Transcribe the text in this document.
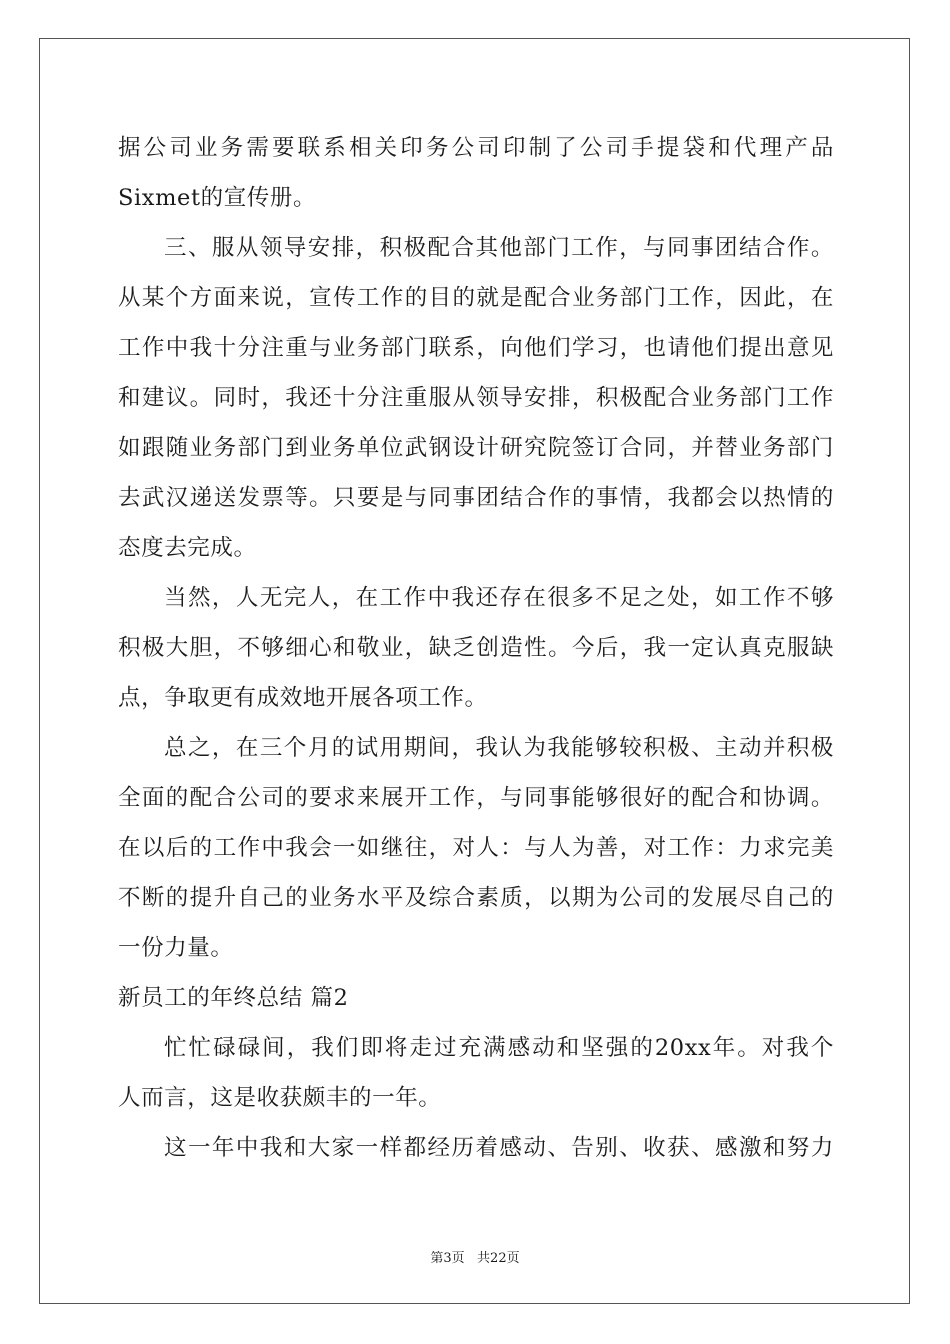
据公司业务需要联系相关印务公司印制了公司手提袋和代理产品
Sixmet的宣传册。
三、服从领导安排，积极配合其他部门工作，与同事团结合作。
从某个方面来说，宣传工作的目的就是配合业务部门工作，因此，在
工作中我十分注重与业务部门联系，向他们学习，也请他们提出意见
和建议。同时，我还十分注重服从领导安排，积极配合业务部门工作
如跟随业务部门到业务单位武钢设计研究院签订合同，并替业务部门
去武汉递送发票等。只要是与同事团结合作的事情，我都会以热情的
态度去完成。
当然，人无完人，在工作中我还存在很多不足之处，如工作不够
积极大胆，不够细心和敬业，缺乏创造性。今后，我一定认真克服缺
点，争取更有成效地开展各项工作。
总之，在三个月的试用期间，我认为我能够较积极、主动并积极
全面的配合公司的要求来展开工作，与同事能够很好的配合和协调。
在以后的工作中我会一如继往，对人：与人为善，对工作：力求完美
不断的提升自己的业务水平及综合素质，以期为公司的发展尽自己的
一份力量。
新员工的年终总结 篇2
忙忙碌碌间，我们即将走过充满感动和坚强的20xx年。对我个
人而言，这是收获颇丰的一年。
这一年中我和大家一样都经历着感动、告别、收获、感激和努力
第3页   共22页
